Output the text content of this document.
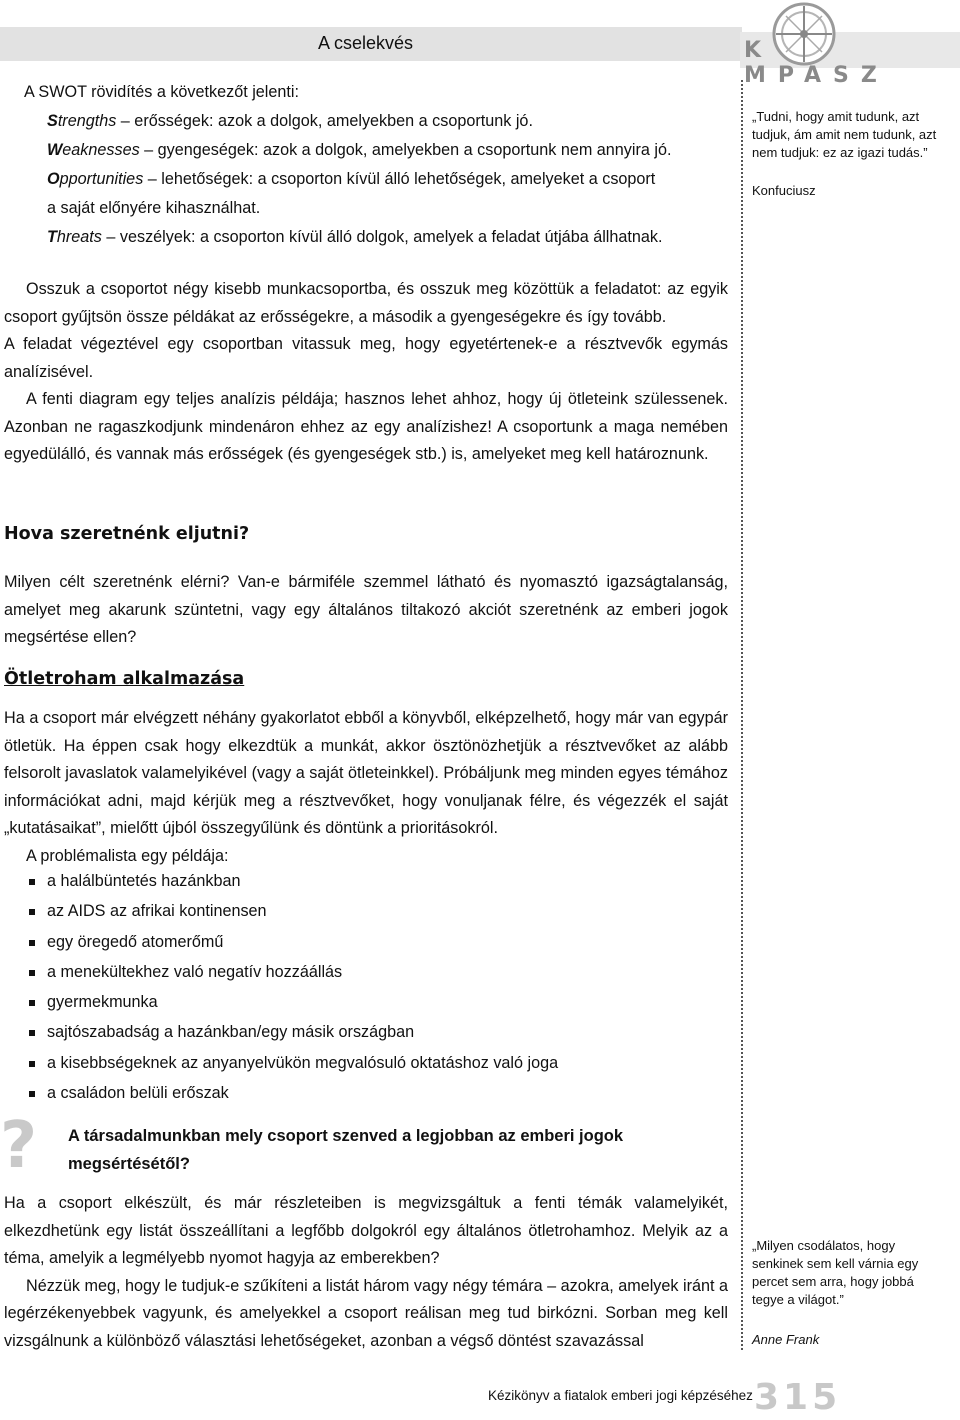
A cselekvés	KMPASZ
A SWOT rövidítés a következőt jelenti:
Strengths – erősségek: azok a dolgok, amelyekben a csoportunk jó.
Weaknesses – gyengeségek: azok a dolgok, amelyekben a csoportunk nem annyira jó.
Opportunities – lehetőségek: a csoporton kívül álló lehetőségek, amelyeket a csoport
a saját előnyére kihasználhat.
Threats – veszélyek: a csoporton kívül álló dolgok, amelyek a feladat útjába állhatnak.

Osszuk a csoportot négy kisebb munkacsoportba, és osszuk meg közöttük a feladatot: az egyik csoport gyűjtsön össze példákat az erősségekre, a második a gyengeségekre és így tovább.

A feladat végeztével egy csoportban vitassuk meg, hogy egyetértenek-e a résztvevők egymás analízisével.

A fenti diagram egy teljes analízis példája; hasznos lehet ahhoz, hogy új ötleteink szülessenek. Azonban ne ragaszkodjunk mindenáron ehhez az egy analízishez! A csoportunk a maga nemében egyedülálló, és vannak más erősségek (és gyengeségek stb.) is, amelyeket meg kell határoznunk.

Hova szeretnénk eljutni?

Milyen célt szeretnénk elérni? Van-e bármiféle szemmel látható és nyomasztó igazságtalanság, amelyet meg akarunk szüntetni, vagy egy általános tiltakozó akciót szeretnénk az emberi jogok megsértése ellen?

Ötletroham alkalmazása

Ha a csoport már elvégzett néhány gyakorlatot ebből a könyvből, elképzelhető, hogy már van egypár ötletük. Ha éppen csak hogy elkezdtük a munkát, akkor ösztönözhetjük a résztvevőket az alább felsorolt javaslatok valamelyikével (vagy a saját ötleteinkkel). Próbáljunk meg minden egyes témához információkat adni, majd kérjük meg a résztvevőket, hogy vonuljanak félre, és végezzék el saját „kutatásaikat”, mielőtt újból összegyűlünk és döntünk a prioritásokról.

A problémalista egy példája:

a halálbüntetés hazánkban
az AIDS az afrikai kontinensen
egy öregedő atomerőmű
a menekültekhez való negatív hozzáállás
gyermekmunka
sajtószabadság a hazánkban/egy másik országban
a kisebbségeknek az anyanyelvükön megvalósuló oktatáshoz való joga
a családon belüli erőszak
?	A társadalmunkban mely csoport szenved a legjobban az emberi jogok megsértésétől?

Ha a csoport elkészült, és már részleteiben is megvizsgáltuk a fenti témák valamelyikét, elkezdhetünk egy listát összeállítani a legfőbb dolgokról egy általános ötletrohamhoz. Melyik az a téma, amelyik a legmélyebb nyomot hagyja az emberekben?

Nézzük meg, hogy le tudjuk-e szűkíteni a listát három vagy négy témára – azokra, amelyek iránt a legérzékenyebbek vagyunk, és amelyekkel a csoport reálisan meg tud birkózni. Sorban meg kell vizsgálnunk a különböző választási lehetőségeket, azonban a végső döntést szavazással

„Tudni, hogy amit tudunk, azt tudjuk, ám amit nem tudunk, azt nem tudjuk: ez az igazi tudás.”
Konfuciusz
„Milyen csodálatos, hogy senkinek sem kell várnia egy percet sem arra, hogy jobbá tegye a világot.”
Anne Frank
Kézikönyv a fiatalok emberi jogi képzéséhez 315
